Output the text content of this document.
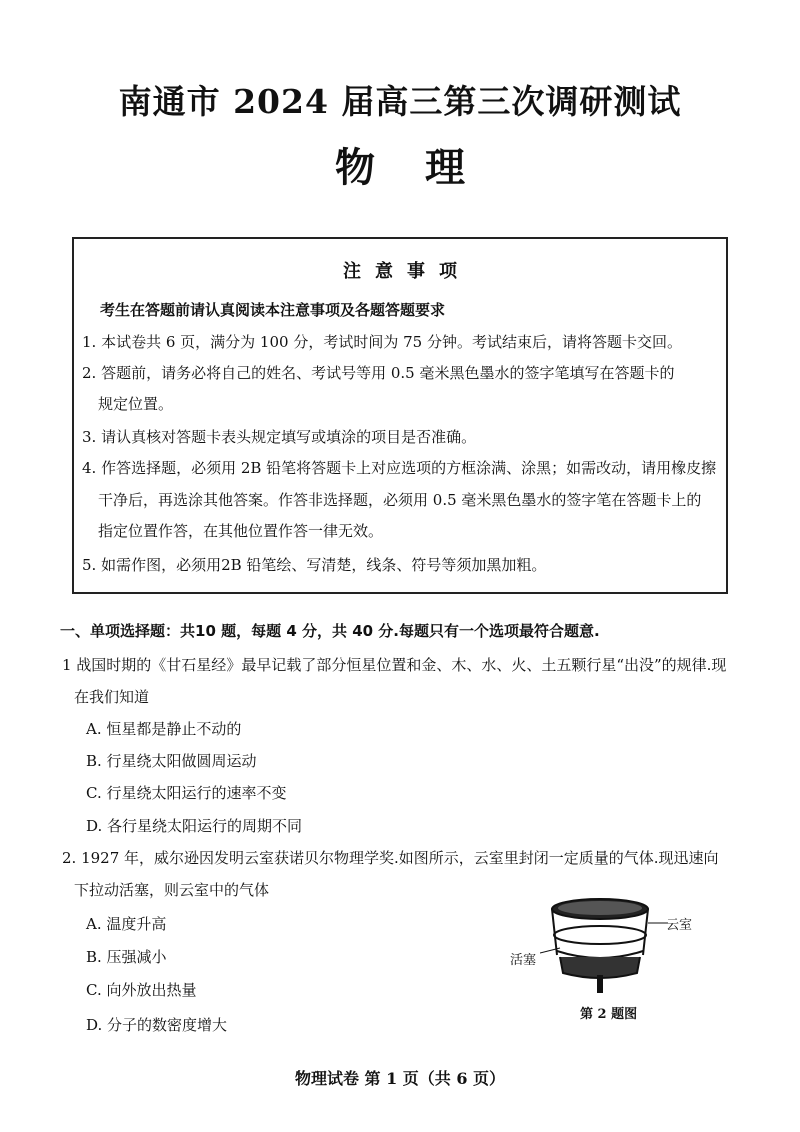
南通市 2024 届高三第三次调研测试
物理
注意事项
考生在答题前请认真阅读本注意事项及各题答题要求
1. 本试卷共 6 页，满分为 100 分，考试时间为 75 分钟。考试结束后，请将答题卡交回。
2. 答题前，请务必将自己的姓名、考试号等用 0.5 毫米黑色墨水的签字笔填写在答题卡的
规定位置。
3. 请认真核对答题卡表头规定填写或填涂的项目是否准确。
4. 作答选择题，必须用 2B 铅笔将答题卡上对应选项的方框涂满、涂黑；如需改动，请用橡皮擦
干净后，再选涂其他答案。作答非选择题，必须用 0.5 毫米黑色墨水的签字笔在答题卡上的
指定位置作答，在其他位置作答一律无效。
5. 如需作图，必须用2B 铅笔绘、写清楚，线条、符号等须加黑加粗。
一、单项选择题：共10 题，每题 4 分，共 40 分.每题只有一个选项最符合题意.
1 战国时期的《甘石星经》最早记载了部分恒星位置和金、木、水、火、土五颗行星“出没”的规律.现
在我们知道
A. 恒星都是静止不动的
B. 行星绕太阳做圆周运动
C. 行星绕太阳运行的速率不变
D. 各行星绕太阳运行的周期不同
2. 1927 年，威尔逊因发明云室获诺贝尔物理学奖.如图所示，云室里封闭一定质量的气体.现迅速向
下拉动活塞，则云室中的气体
A. 温度升高
B. 压强减小
C. 向外放出热量
D. 分子的数密度增大
云室
活塞
第 2 题图
物理试卷 第 1 页（共 6 页）
